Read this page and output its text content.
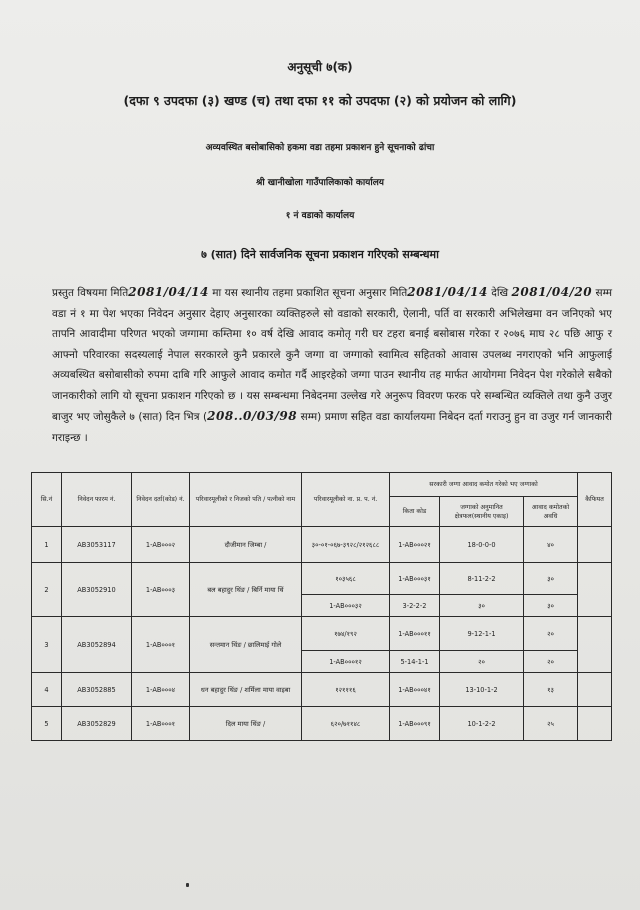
अनुसूची ७(क)
(दफा ९ उपदफा (३) खण्ड (च) तथा दफा ११ को उपदफा (२) को प्रयोजन को लागि)
अव्यवस्थित बसोबासिको हकमा वडा तहमा प्रकाशन हुने सूचनाको ढांचा
श्री खानीखोला गाउँपालिकाको कार्यालय
१ नं वडाको कार्यालय
७ (सात) दिने सार्वजनिक सूचना प्रकाशन गरिएको सम्बन्धमा
प्रस्तुत विषयमा मिति2081/04/14 मा यस स्थानीय तहमा प्रकाशित सूचना अनुसार मिति2081/04/14 देखि 2081/04/20 सम्म वडा नं १ मा पेश भएका निवेदन अनुसार देहाए अनुसारका व्यक्तिहरुले सो वडाको सरकारी, ऐलानी, पर्ति वा सरकारी अभिलेखमा वन जनिएको भए तापनि आवादीमा परिणत भएको जग्गामा कम्तिमा १० वर्ष देखि आवाद कमोतृ गरी घर टहरा बनाई बसोबास गरेका र २०७६ माघ २८ पछि आफु र आफ्नो परिवारका सदस्यलाई नेपाल सरकारले कुनै प्रकारले कुनै जग्गा वा जग्गाको स्वामित्व सहितको आवास उपलब्ध नगराएको भनि आफुलाई अव्यबस्थित बसोबासीको रुपमा दाबि गरि आफुले आवाद कमोत गर्दै आइरहेको जग्गा पाउन स्थानीय तह मार्फत आयोगमा निवेदन पेश गरेकोले सबैको जानकारीको लागि यो सूचना प्रकाशन गरिएको छ । यस सम्बन्धमा निबेदनमा उल्लेख गरे अनुरूप विवरण फरक परे सम्बन्धित व्यक्तिले तथा कुनै उजुर बाजुर भए जोसुकैले ७ (सात) दिन भित्र (208..0/03/98 सम्म) प्रमाण सहित वडा कार्यालयमा निबेदन दर्ता गराउनु हुन वा उजुर गर्न जानकारी गराइन्छ ।
सि.नं	निवेदन फारम नं.	निवेदन दर्ता(कोड) नं.	परिवारमूलीको र निजको पति / पत्नीको नाम	परिवारमूलीको ना. प्र. प. नं.	सरकारी जग्गा आवाद कमोत गरेको भए जग्गाको			कैफियत
					किता कोड	जग्गाको अनुमानित क्षेत्रफल(स्थानीय एकाइ)	आवाद कमोतको अवधि	
1	AB3053117	1-AB०००२	दौजीमान जिम्बा /	३०-०१-०६७-३९२८/२१२६८८	1-AB०००२१	18-0-0-0	४०	
2	AB3052910	1-AB०००३	बल बहादुर थिंङ / बिर्नि माया थिं	१०३५६८	1-AB०००३१	8-11-2-2	३०	
				1-AB०००३२	3-2-2-2	३०	३०	
3	AB3052894	1-AB०००१	सन्तमान थिंङ / छालिमाई गोले	१७४/१९२	1-AB०००११	9-12-1-1	२०	
				1-AB०००१२	5-14-1-1	२०	२०	
4	AB3052885	1-AB०००४	धन बहादुर थिंङ / शर्मिला माया वाइबा	१२१११६	1-AB०००४१	13-10-1-2	१३	
5	AB3052829	1-AB०००१	दिल माया थिंङ /	६२०/७११४८	1-AB०००९१	10-1-2-2	२५	
